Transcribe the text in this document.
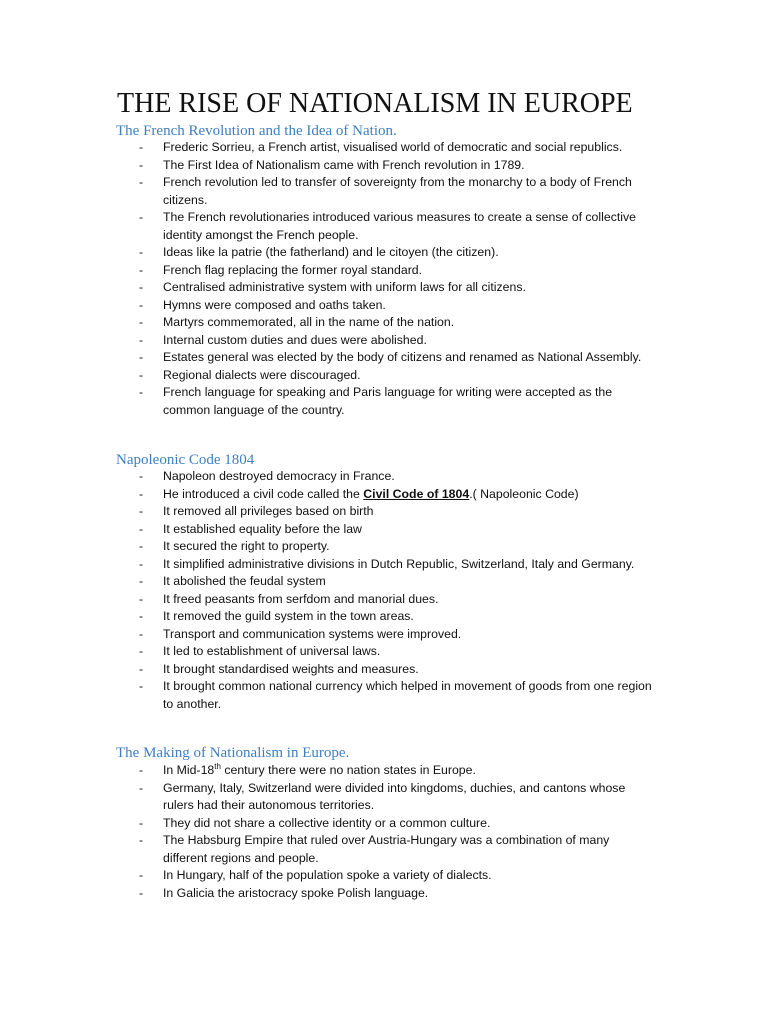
THE RISE OF NATIONALISM IN EUROPE
The French Revolution and the Idea of Nation.
- Frederic Sorrieu, a French artist, visualised world of democratic and social republics.
- The First Idea of Nationalism came with French revolution in 1789.
- French revolution led to transfer of sovereignty from the monarchy to a body of French citizens.
- The French revolutionaries introduced various measures to create a sense of collective identity amongst the French people.
- Ideas like la patrie (the fatherland) and le citoyen (the citizen).
- French flag replacing the former royal standard.
- Centralised administrative system with uniform laws for all citizens.
- Hymns were composed and oaths taken.
- Martyrs commemorated, all in the name of the nation.
- Internal custom duties and dues were abolished.
- Estates general was elected by the body of citizens and renamed as National Assembly.
- Regional dialects were discouraged.
- French language for speaking and Paris language for writing were accepted as the common language of the country.
Napoleonic Code 1804
- Napoleon destroyed democracy in France.
- He introduced a civil code called the Civil Code of 1804.( Napoleonic Code)
- It removed all privileges based on birth
- It established equality before the law
- It secured the right to property.
- It simplified administrative divisions in Dutch Republic, Switzerland, Italy and Germany.
- It abolished the feudal system
- It freed peasants from serfdom and manorial dues.
- It removed the guild system in the town areas.
- Transport and communication systems were improved.
- It led to establishment of universal laws.
- It brought standardised weights and measures.
- It brought common national currency which helped in movement of goods from one region to another.
The Making of Nationalism in Europe.
- In Mid-18th century there were no nation states in Europe.
- Germany, Italy, Switzerland were divided into kingdoms, duchies, and cantons whose rulers had their autonomous territories.
- They did not share a collective identity or a common culture.
- The Habsburg Empire that ruled over Austria-Hungary was a combination of many different regions and people.
- In Hungary, half of the population spoke a variety of dialects.
- In Galicia the aristocracy spoke Polish language.
